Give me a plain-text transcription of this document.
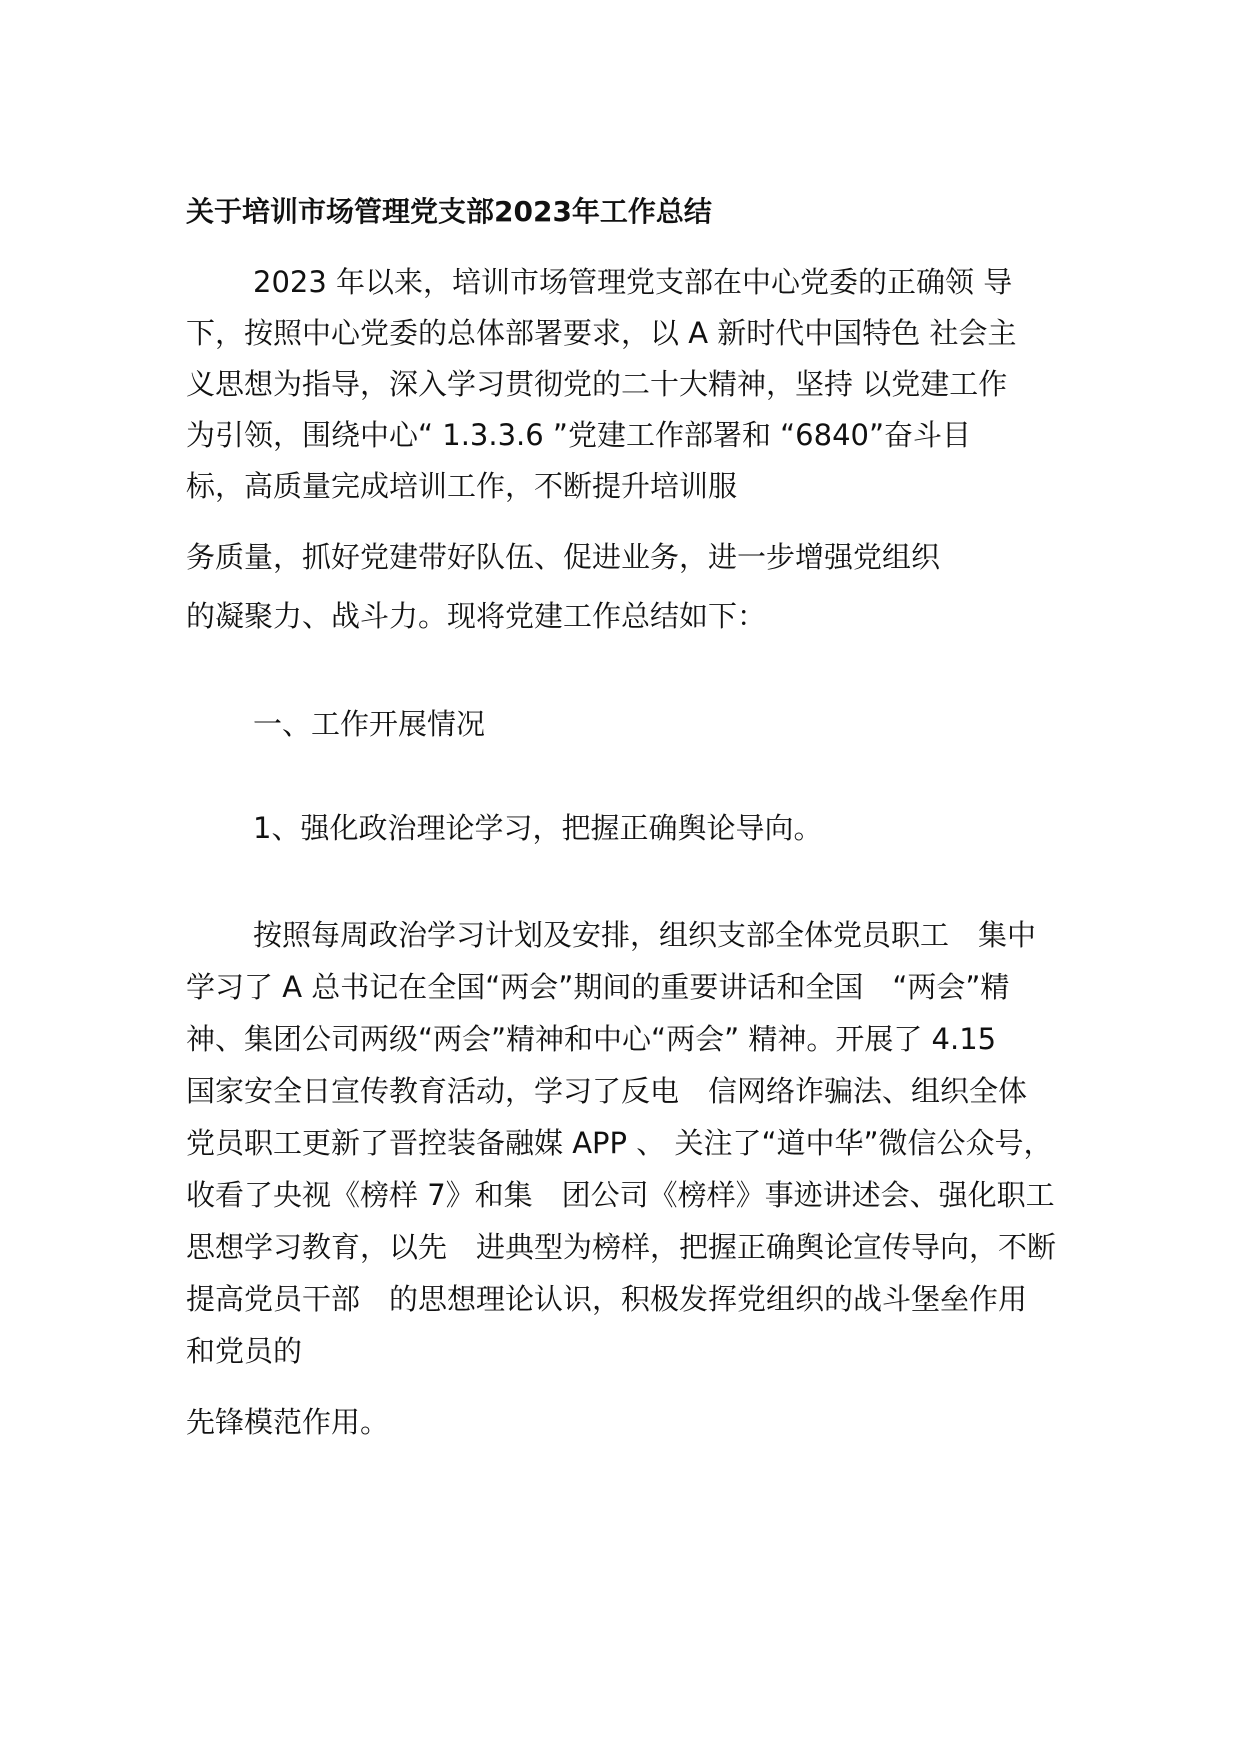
关于培训市场管理党支部2023年工作总结
2023 年以来，培训市场管理党支部在中心党委的正确领 导
下，按照中心党委的总体部署要求，以 A 新时代中国特色 社会主
义思想为指导，深入学习贯彻党的二十大精神，坚持 以党建工作
为引领，围绕中心“ 1.3.3.6 ”党建工作部署和 “6840”奋斗目
标，高质量完成培训工作，不断提升培训服
务质量，抓好党建带好队伍、促进业务，进一步增强党组织
的凝聚力、战斗力。现将党建工作总结如下：
一、工作开展情况
1、强化政治理论学习，把握正确舆论导向。
按照每周政治学习计划及安排，组织支部全体党员职工　集中
学习了 A 总书记在全国“两会”期间的重要讲话和全国　“两会”精
神、集团公司两级“两会”精神和中心“两会” 精神。开展了 4.15
国家安全日宣传教育活动，学习了反电　信网络诈骗法、组织全体
党员职工更新了晋控装备融媒 APP 、 关注了“道中华”微信公众号，
收看了央视《榜样 7》和集　团公司《榜样》事迹讲述会、强化职工
思想学习教育，以先　进典型为榜样，把握正确舆论宣传导向，不断
提高党员干部　的思想理论认识，积极发挥党组织的战斗堡垒作用
和党员的
先锋模范作用。
